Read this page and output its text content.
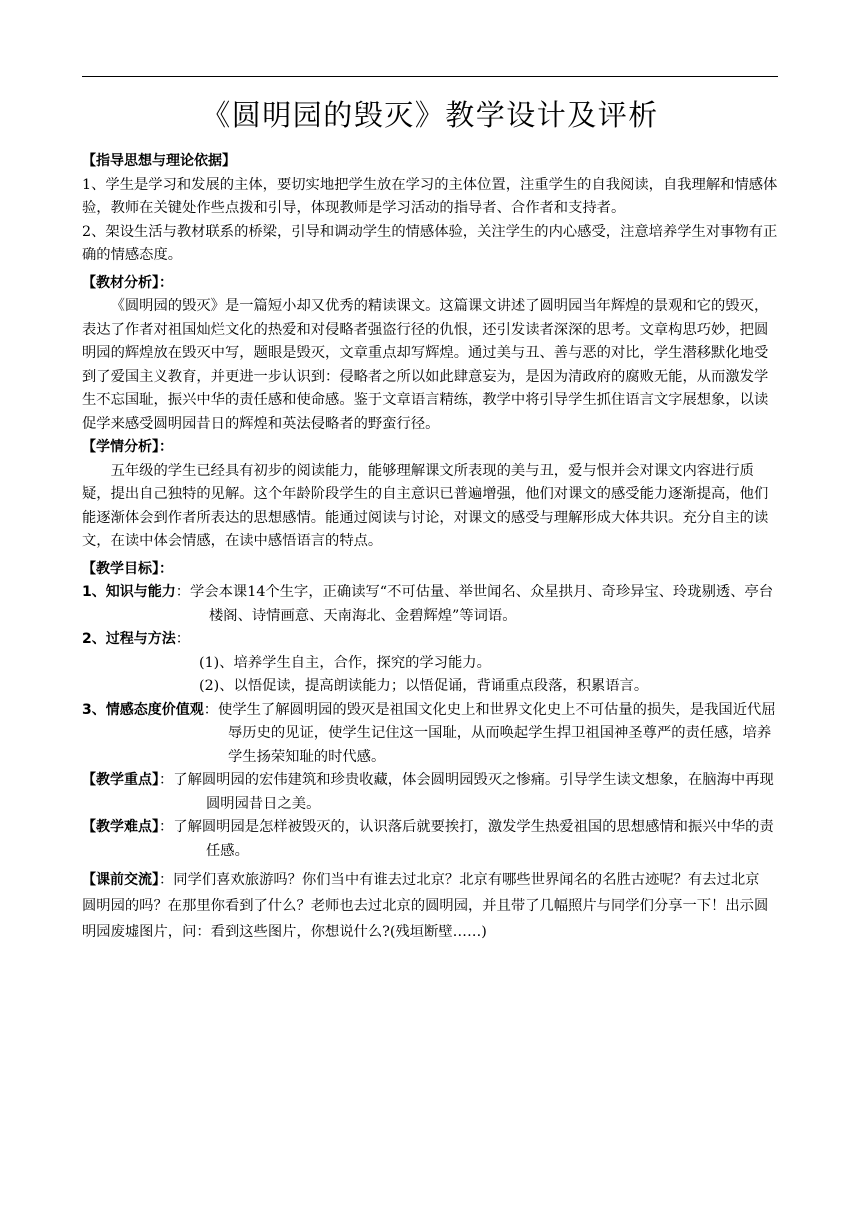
《圆明园的毁灭》教学设计及评析

【指导思想与理论依据】

1、学生是学习和发展的主体，要切实地把学生放在学习的主体位置，注重学生的自我阅读，自我理解和情感体验，教师在关键处作些点拨和引导，体现教师是学习活动的指导者、合作者和支持者。

2、架设生活与教材联系的桥梁，引导和调动学生的情感体验，关注学生的内心感受，注意培养学生对事物有正确的情感态度。

【教材分析】：

《圆明园的毁灭》是一篇短小却又优秀的精读课文。这篇课文讲述了圆明园当年辉煌的景观和它的毁灭，表达了作者对祖国灿烂文化的热爱和对侵略者强盗行径的仇恨，还引发读者深深的思考。文章构思巧妙，把圆明园的辉煌放在毁灭中写，题眼是毁灭，文章重点却写辉煌。通过美与丑、善与恶的对比，学生潜移默化地受到了爱国主义教育，并更进一步认识到：侵略者之所以如此肆意妄为，是因为清政府的腐败无能，从而激发学生不忘国耻，振兴中华的责任感和使命感。鉴于文章语言精练，教学中将引导学生抓住语言文字展想象，以读促学来感受圆明园昔日的辉煌和英法侵略者的野蛮行径。

【学情分析】：

五年级的学生已经具有初步的阅读能力，能够理解课文所表现的美与丑，爱与恨并会对课文内容进行质疑，提出自己独特的见解。这个年龄阶段学生的自主意识已普遍增强，他们对课文的感受能力逐渐提高，他们能逐渐体会到作者所表达的思想感情。能通过阅读与讨论，对课文的感受与理解形成大体共识。充分自主的读文，在读中体会情感，在读中感悟语言的特点。

【教学目标】：

1、知识与能力：学会本课14个生字，正确读写“不可估量、举世闻名、众星拱月、奇珍异宝、玲珑剔透、亭台楼阁、诗情画意、天南海北、金碧辉煌”等词语。

2、过程与方法：

(1)、培养学生自主，合作，探究的学习能力。

(2)、以悟促读，提高朗读能力；以悟促诵，背诵重点段落，积累语言。

3、情感态度价值观：使学生了解圆明园的毁灭是祖国文化史上和世界文化史上不可估量的损失，是我国近代屈辱历史的见证，使学生记住这一国耻，从而唤起学生捍卫祖国神圣尊严的责任感，培养学生扬荣知耻的时代感。

【教学重点】：了解圆明园的宏伟建筑和珍贵收藏，体会圆明园毁灭之惨痛。引导学生读文想象，在脑海中再现圆明园昔日之美。

【教学难点】：了解圆明园是怎样被毁灭的，认识落后就要挨打，激发学生热爱祖国的思想感情和振兴中华的责任感。

【课前交流】：同学们喜欢旅游吗？你们当中有谁去过北京？北京有哪些世界闻名的名胜古迹呢？有去过北京 圆明园的吗？在那里你看到了什么？老师也去过北京的圆明园，并且带了几幅照片与同学们分享一下！出示圆明园废墟图片，问：看到这些图片，你想说什么?(残垣断壁……)
